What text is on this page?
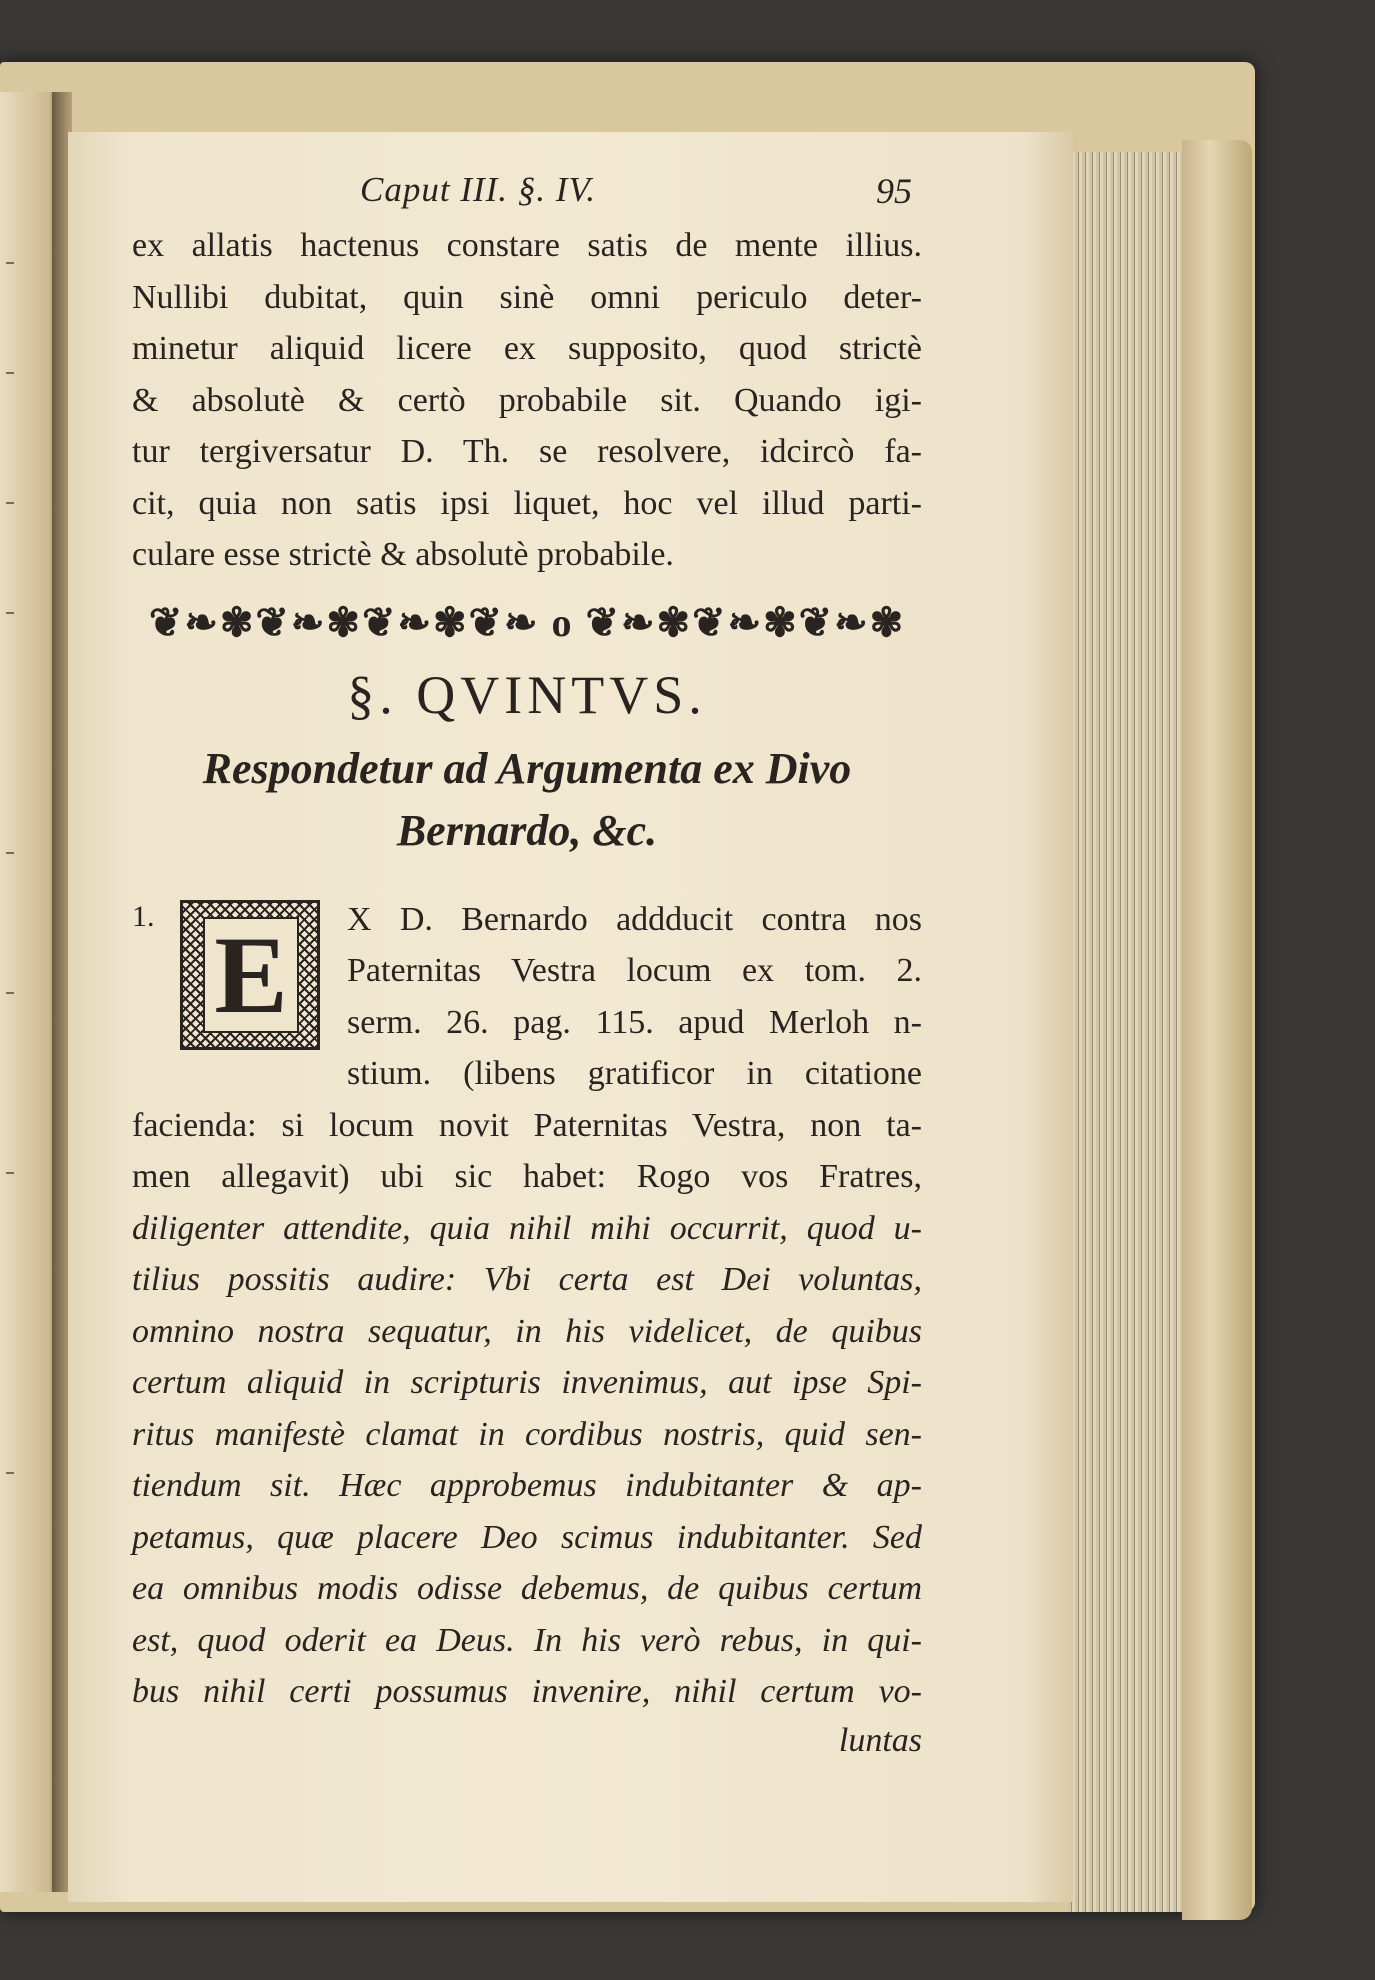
Caput III. §. IV.	95

ex allatis hactenus constare satis de mente illius.
Nullibi dubitat, quin sinè omni periculo deter-
minetur aliquid licere ex supposito, quod strictè
& absolutè & certò probabile sit. Quando igi-
tur tergiversatur D. Th. se resolvere, idcircò fa-
cit, quia non satis ipsi liquet, hoc vel illud parti-
culare esse strictè & absolutè probabile.

❦❧✾❦❧✾❦❧✾❦❧ o ❦❧✾❦❧✾❦❧✾
§. QVINTVS.

Respondetur ad Argumenta ex Divo
Bernardo, &c.

1. E	X D. Bernardo addducit contra nos
Paternitas Vestra locum ex tom. 2.
serm. 26. pag. 115. apud Merloh n-
stium. (libens gratificor in citatione

facienda: si locum novit Paternitas Vestra, non ta-
men allegavit) ubi sic habet: Rogo vos Fratres,
diligenter attendite, quia nihil mihi occurrit, quod u-
tilius possitis audire: Vbi certa est Dei voluntas,
omnino nostra sequatur, in his videlicet, de quibus
certum aliquid in scripturis invenimus, aut ipse Spi-
ritus manifestè clamat in cordibus nostris, quid sen-
tiendum sit. Hæc approbemus indubitanter & ap-
petamus, quæ placere Deo scimus indubitanter. Sed
ea omnibus modis odisse debemus, de quibus certum
est, quod oderit ea Deus. In his verò rebus, in qui-
bus nihil certi possumus invenire, nihil certum vo-

luntas
